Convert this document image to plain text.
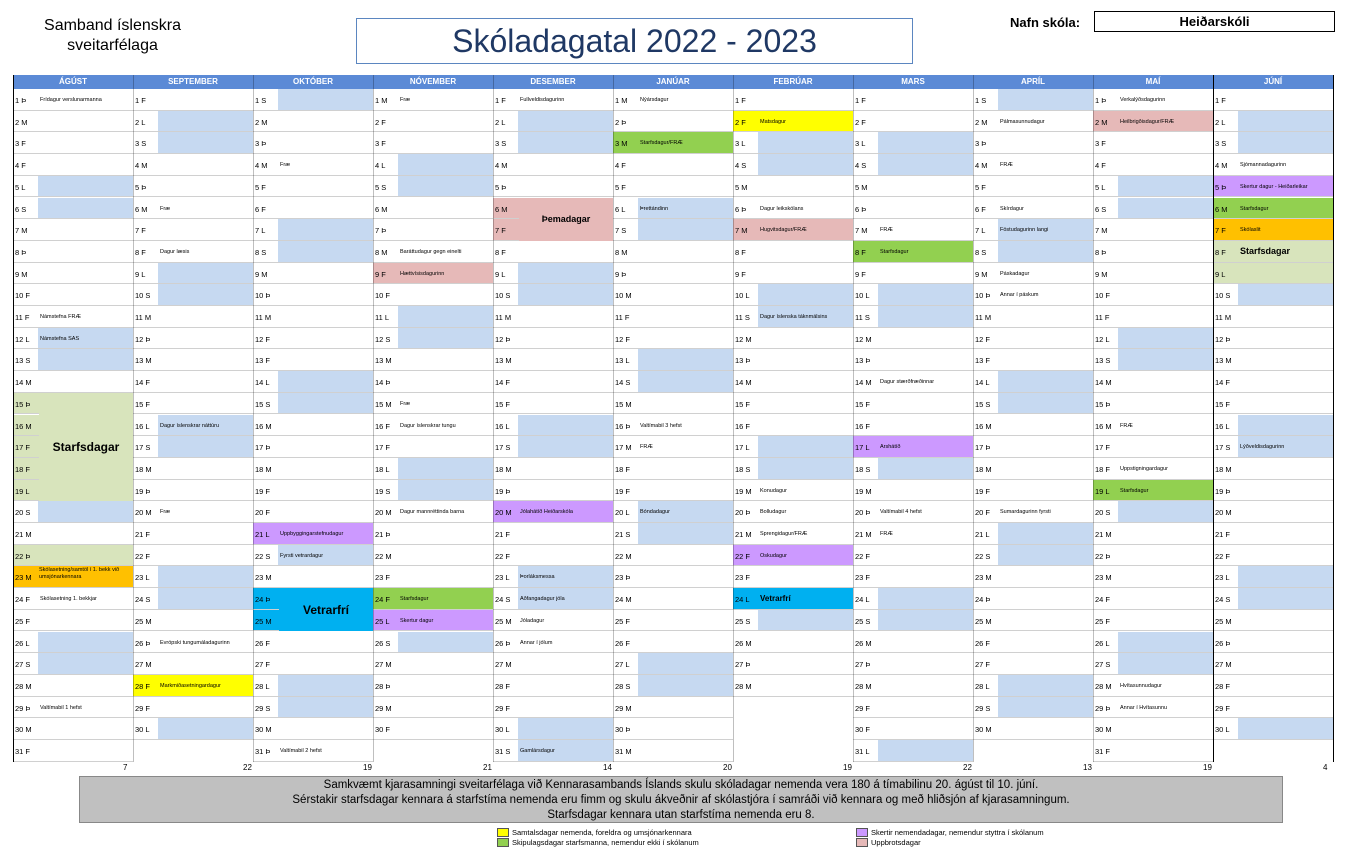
Samband íslenskra
sveitarfélaga	Skóladagatal 2022 - 2023
Nafn skóla:	Heiðarskóli
ÁGÚST
1 Þ Frídagur verslunarmanna
2 M
3 F
4 F
5 L
6 S
7 M
8 Þ
9 M
10 F
11 F Námstefna FRÆ
12 L Námstefna SÁS
13 S
14 M
15 Þ
16 M
17 F
18 F
19 L
20 S
21 M
22 Þ
23 M
24 F Skólasetning 1. bekkjar
25 F
26 L
27 S
28 M
29 Þ Valtímabil 1 hefst
30 M
31 F
7
SEPTEMBER
1 F
2 L
3 S
4 M
5 Þ
6 M Fræ
7 F
8 F	Dagur læsis
9 L
10 S
11 M
12 Þ
13 M
14 F
15 F
16 L Dagur íslenskrar náttúru
17 S
18 M
19 Þ
20 M Fræ
21 F
22 F
23 L
24 S
25 M
26 Þ Evrópski tungumáladagurinn
27 M
28 F Markmiðasetningardagur
29 F
30 L
22
OKTÓBER
1 S
2 M
3 Þ
4 M Fræ
5 F
6 F
7 L
8 S
9 M
10 Þ
11 M
12 F
13 F
14 L
15 S
16 M
17 Þ
18 M
19 F
20 F
21 L Uppbyggingarstefnudagur
22 S Fyrsti vetrardagur
23 M
24 Þ
25 M
26 F
27 F
28 L
29 S
30 M
31 Þ Valtímabil 2 hefst
19
NÓVEMBER
1 M Fræ
2 F
3 F
4 L
5 S
6 M
7 Þ
8 M Baráttudagur gegn einelti
9 F	Hættvísisdagurinn
10 F
11 L
12 S
13 M
14 Þ
15 M Fræ
16 F Dagur íslenskrar tungu
17 F
18 L
19 S
20 M Dagur mannréttinda barna
21 Þ
22 M
23 F
24 F Starfsdagur
25 L Skertur dagur
26 S
27 M
28 Þ
29 M
30 F
21
DESEMBER
1 F	Fullveldisdagurinn
2 L
3 S
4 M
5 Þ
6 M
7 F
8 F
9 L
10 S
11 M
12 Þ
13 M
14 F
15 F
16 L
17 S
18 M
19 Þ
20 M Jólahátíð Heiðarskóla
21 F
22 F
23 L Þorláksmessa
24 S Aðfangadagur jóla
25 M Jóladagur
26 Þ Annar í jólum
27 M
28 F
29 F
30 L
31 S Gamlársdagur
14
JANÚAR
1 M Nýársdagur
2 Þ
3 M Starfsdagur/FRÆ
4 F
5 F
6 L	Þrettándinn
7 S
8 M
9 Þ
10 M
11 F
12 F
13 L
14 S
15 M
16 Þ Valtímabil 3 hefst
17 M FRÆ
18 F
19 F
20 L Bóndadagur
21 S
22 M
23 Þ
24 M
25 F
26 F
27 L
28 S
29 M
30 Þ
31 M
20
FEBRÚAR
1 F
2 F	Matsdagur
3 L
4 S
5 M
6 Þ Dagur leikskólans
7 M Hugvitsdagur/FRÆ
8 F
9 F
10 L
11 S Dagur íslenska táknmálsins
12 M
13 Þ
14 M
15 F
16 F
17 L
18 S
19 M Konudagur
20 Þ Bolludagur
21 M Sprengidagur/FRÆ
22 F Öskudagur
23 F
24 L Vetrarfrí
25 S
26 M
27 Þ
28 M
19
MARS
1 F
2 F
3 L
4 S
5 M
6 Þ
7 M FRÆ
8 F	Starfsdagur
9 F
10 L
11 S
12 M
13 Þ
14 M Dagur stærðfræðinnar
15 F
16 F
17 L Árshátíð
18 S
19 M
20 Þ Valtímabil 4 hefst
21 M FRÆ
22 F
23 F
24 L
25 S
26 M
27 Þ
28 M
29 F
30 F
31 L
22
APRÍL
1 S
2 M Pálmasunnudagur
3 Þ
4 M FRÆ
5 F
6 F	Skírdagur
7 L	Föstudagurinn langi
8 S
9 M Páskadagur
10 Þ Annar í páskum
11 M
12 F
13 F
14 L
15 S
16 M
17 Þ
18 M
19 F
20 F Sumardagurinn fyrsti
21 L
22 S
23 M
24 Þ
25 M
26 F
27 F
28 L
29 S
30 M
13
MAÍ
1 Þ Verkalýðsdagurinn
2 M Heilbrigðisdagur/FRÆ
3 F
4 F
5 L
6 S
7 M
8 Þ
9 M
10 F
11 F
12 L
13 S
14 M
15 Þ
16 M FRÆ
17 F
18 F Uppstigningardagur
19 L Starfsdagur
20 S
21 M
22 Þ
23 M
24 F
25 F
26 L
27 S
28 M Hvítasunnudagur
29 Þ Annar í Hvítasunnu
30 M
31 F
19
JÚNÍ
1 F
2 L
3 S
4 M Sjómannadagurinn
5 Þ Skertur dagur - Heiðarleikar
6 M Starfsdagur
7 F	Skólaslit
8 F Starfsdagar
9 L
10 S
11 M
12 Þ
13 M
14 F
15 F
16 L
17 S Lýðveldisdagurinn
18 M
19 Þ
20 M
21 F
22 F
23 L
24 S
25 M
26 Þ
27 M
28 F
29 F
30 L
4
Starfsdagar
Þemadagar
Vetrarfrí
Skólasetning/samtöl í 1. bekk við umsjónarkennara
Samkvæmt kjarasamningi sveitarfélaga við Kennarasambands Íslands skulu skóladagar nemenda vera 180 á tímabilinu 20. ágúst til 10. júní.
Sérstakir starfsdagar kennara á starfstíma nemenda eru fimm og skulu ákveðnir af skólastjóra í samráði við kennara og með hliðsjón af kjarasamningum.
Starfsdagar kennara utan starfstíma nemenda eru 8.
Samtalsdagar nemenda, foreldra og umsjónarkennara
Skipulagsdagar starfsmanna, nemendur ekki í skólanum
Skertir nemendadagar, nemendur styttra í skólanum
Uppbrotsdagar
